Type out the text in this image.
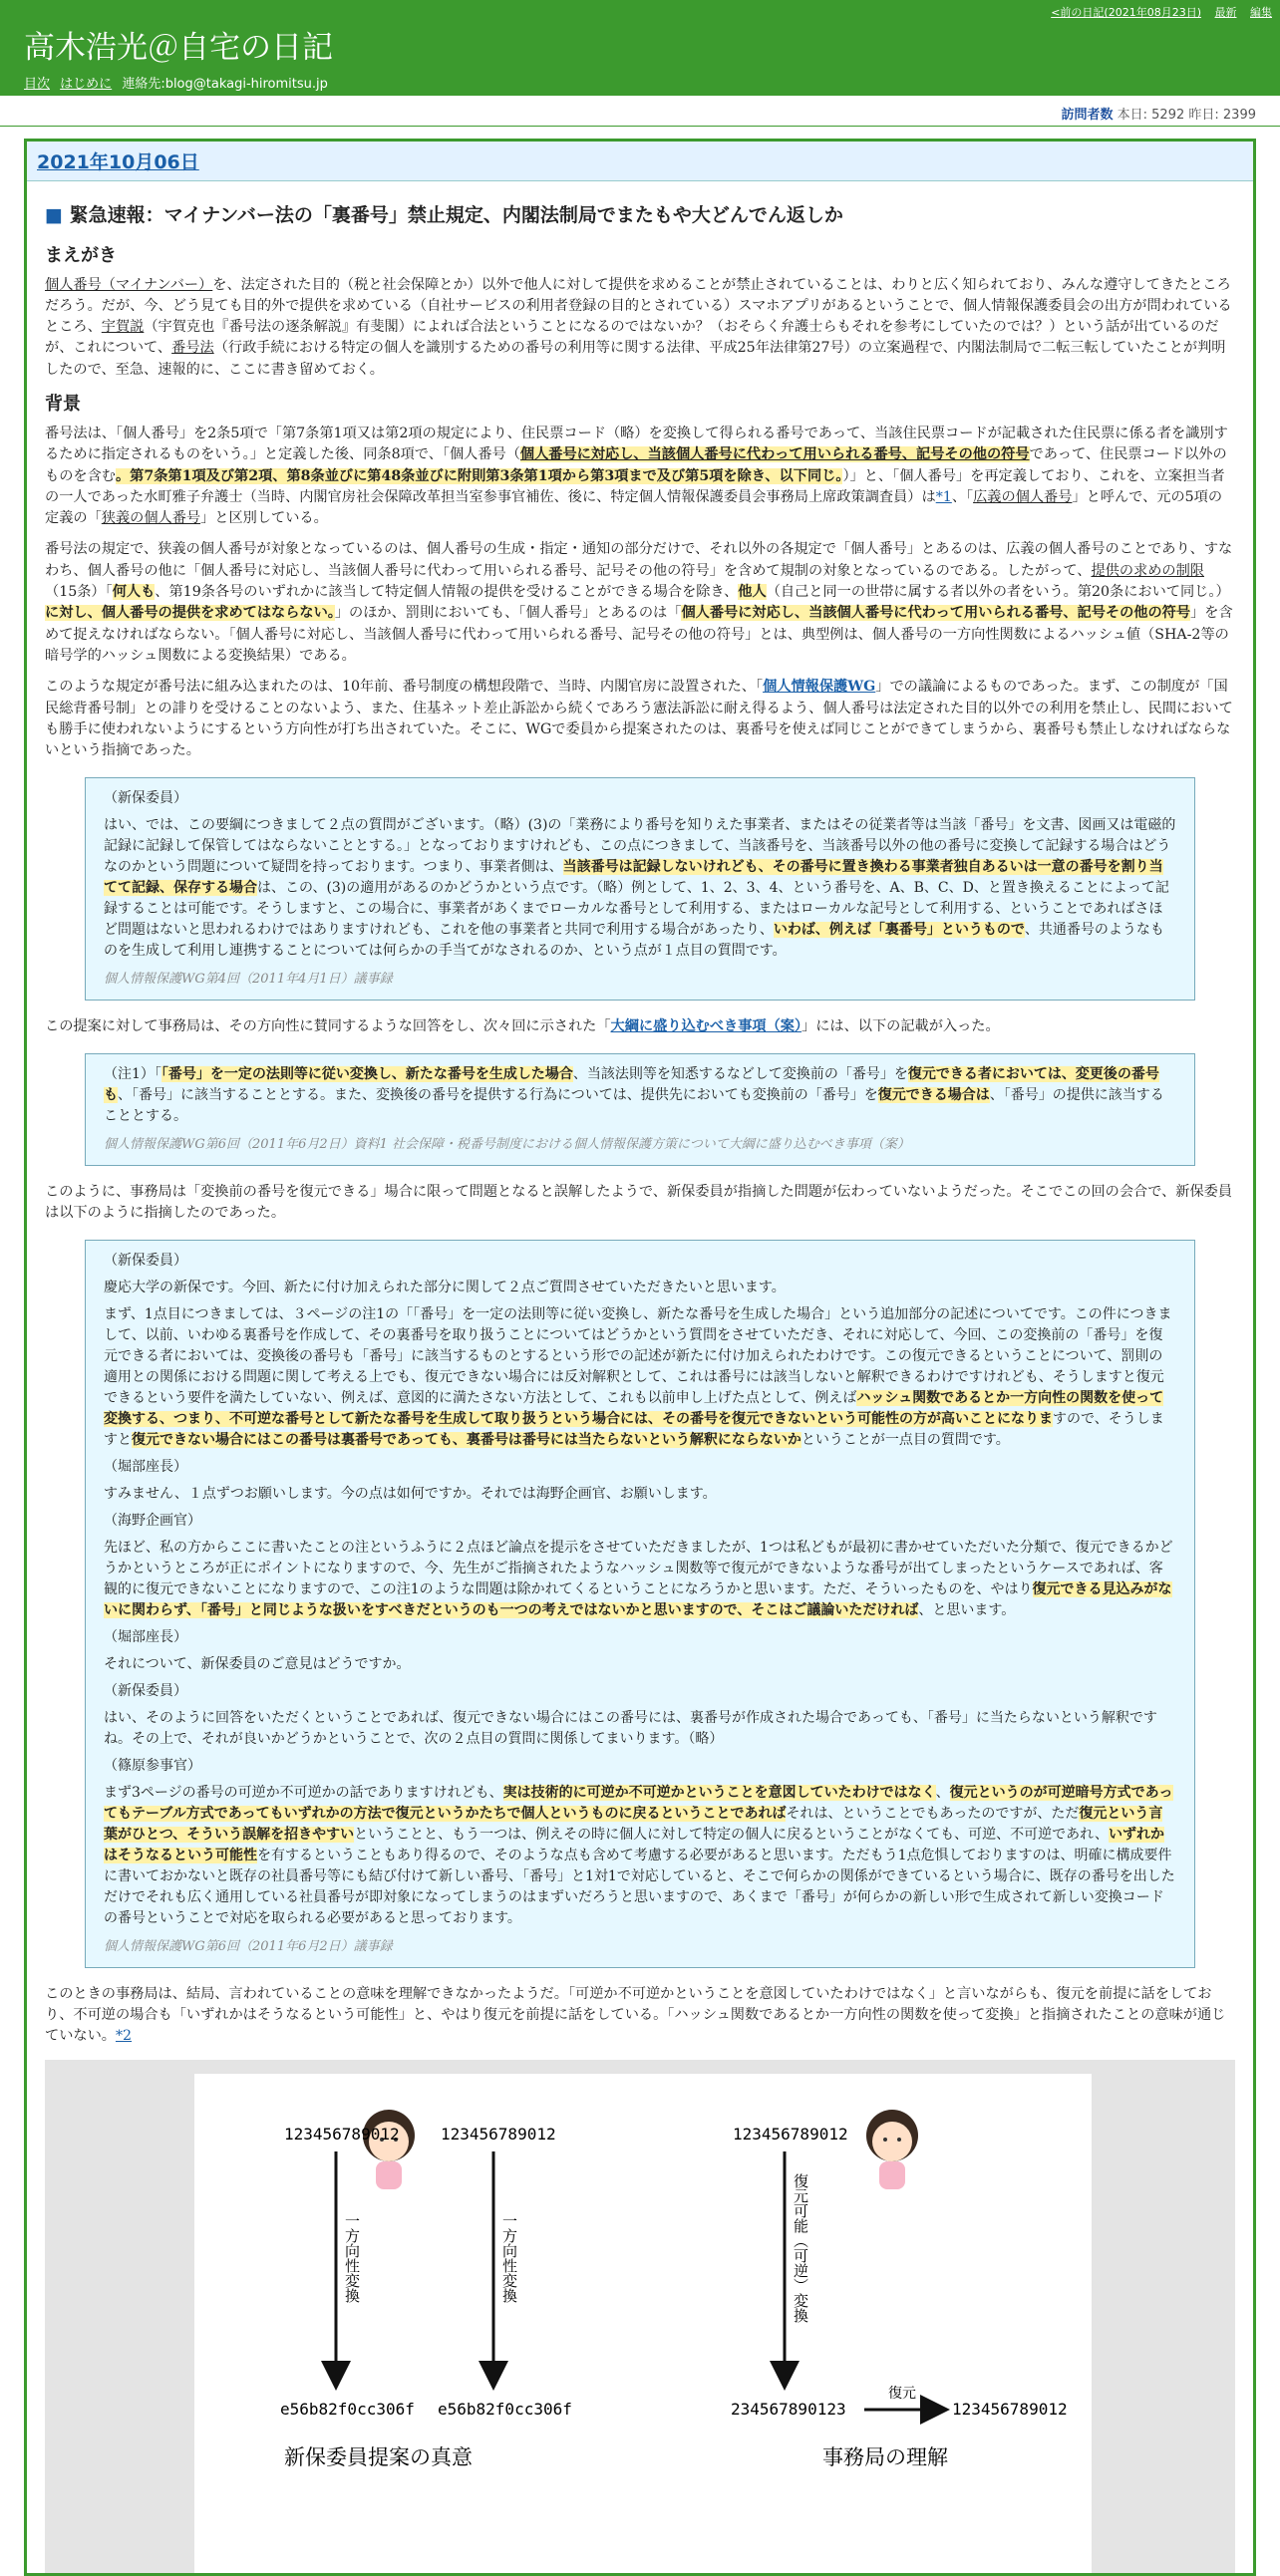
高木浩光＠自宅の日記
目次 はじめに 連絡先:blog@takagi-hiromitsu.jp
<前の日記(2021年08月23日) 最新 編集
訪問者数 本日: 5292 昨日: 2399
2021年10月06日
■ 緊急速報：マイナンバー法の「裏番号」禁止規定、内閣法制局でまたもや大どんでん返しか
まえがき

個人番号（マイナンバー）を、法定された目的（税と社会保障とか）以外で他人に対して提供を求めることが禁止されていることは、わりと広く知られており、みんな遵守してきたところだろう。だが、今、どう見ても目的外で提供を求めている（自社サービスの利用者登録の目的とされている）スマホアプリがあるということで、個人情報保護委員会の出方が問われているところ、宇賀説（宇賀克也『番号法の逐条解説』有斐閣）によれば合法ということになるのではないか？（おそらく弁護士らもそれを参考にしていたのでは？）という話が出ているのだが、これについて、番号法（行政手続における特定の個人を識別するための番号の利用等に関する法律、平成25年法律第27号）の立案過程で、内閣法制局で二転三転していたことが判明したので、至急、速報的に、ここに書き留めておく。

背景

番号法は、「個人番号」を2条5項で「第7条第1項又は第2項の規定により、住民票コード（略）を変換して得られる番号であって、当該住民票コードが記載された住民票に係る者を識別するために指定されるものをいう。」と定義した後、同条8項で、「個人番号（個人番号に対応し、当該個人番号に代わって用いられる番号、記号その他の符号であって、住民票コード以外のものを含む。第7条第1項及び第2項、第8条並びに第48条並びに附則第3条第1項から第3項まで及び第5項を除き、以下同じ。）」と、「個人番号」を再定義しており、これを、立案担当者の一人であった水町雅子弁護士（当時、内閣官房社会保障改革担当室参事官補佐、後に、特定個人情報保護委員会事務局上席政策調査員）は*1、「広義の個人番号」と呼んで、元の5項の定義の「狭義の個人番号」と区別している。

番号法の規定で、狭義の個人番号が対象となっているのは、個人番号の生成・指定・通知の部分だけで、それ以外の各規定で「個人番号」とあるのは、広義の個人番号のことであり、すなわち、個人番号の他に「個人番号に対応し、当該個人番号に代わって用いられる番号、記号その他の符号」を含めて規制の対象となっているのである。したがって、提供の求めの制限（15条）「何人も、第19条各号のいずれかに該当して特定個人情報の提供を受けることができる場合を除き、他人（自己と同一の世帯に属する者以外の者をいう。第20条において同じ。）に対し、個人番号の提供を求めてはならない。」のほか、罰則においても、「個人番号」とあるのは「個人番号に対応し、当該個人番号に代わって用いられる番号、記号その他の符号」を含めて捉えなければならない。「個人番号に対応し、当該個人番号に代わって用いられる番号、記号その他の符号」とは、典型例は、個人番号の一方向性関数によるハッシュ値（SHA-2等の暗号学的ハッシュ関数による変換結果）である。

このような規定が番号法に組み込まれたのは、10年前、番号制度の構想段階で、当時、内閣官房に設置された、「個人情報保護WG」での議論によるものであった。まず、この制度が「国民総背番号制」との誹りを受けることのないよう、また、住基ネット差止訴訟から続くであろう憲法訴訟に耐え得るよう、個人番号は法定された目的以外での利用を禁止し、民間においても勝手に使われないようにするという方向性が打ち出されていた。そこに、WGで委員から提案されたのは、裏番号を使えば同じことができてしまうから、裏番号も禁止しなければならないという指摘であった。

（新保委員）

はい、では、この要綱につきまして２点の質問がございます。（略）(3)の「業務により番号を知りえた事業者、またはその従業者等は当該「番号」を文書、図画又は電磁的記録に記録して保管してはならないこととする。」となっておりますけれども、この点につきまして、当該番号を、当該番号以外の他の番号に変換して記録する場合はどうなのかという問題について疑問を持っております。つまり、事業者側は、当該番号は記録しないけれども、その番号に置き換わる事業者独自あるいは一意の番号を割り当てて記録、保存する場合は、この、(3)の適用があるのかどうかという点です。（略）例として、1、2、3、4、という番号を、A、B、C、D、と置き換えることによって記録することは可能です。そうしますと、この場合に、事業者があくまでローカルな番号として利用する、またはローカルな記号として利用する、ということであればさほど問題はないと思われるわけではありますけれども、これを他の事業者と共同で利用する場合があったり、いわば、例えば「裏番号」というもので、共通番号のようなものを生成して利用し連携することについては何らかの手当てがなされるのか、という点が１点目の質問です。

個人情報保護WG第4回（2011年4月1日）議事録

この提案に対して事務局は、その方向性に賛同するような回答をし、次々回に示された「大綱に盛り込むべき事項（案）」には、以下の記載が入った。

（注1）「「番号」を一定の法則等に従い変換し、新たな番号を生成した場合、当該法則等を知悉するなどして変換前の「番号」を復元できる者においては、変更後の番号も、「番号」に該当することとする。また、変換後の番号を提供する行為については、提供先においても変換前の「番号」を復元できる場合は、「番号」の提供に該当することとする。

個人情報保護WG第6回（2011年6月2日）資料1 社会保障・税番号制度における個人情報保護方策について大綱に盛り込むべき事項（案）

このように、事務局は「変換前の番号を復元できる」場合に限って問題となると誤解したようで、新保委員が指摘した問題が伝わっていないようだった。そこでこの回の会合で、新保委員は以下のように指摘したのであった。

（新保委員）

慶応大学の新保です。今回、新たに付け加えられた部分に関して２点ご質問させていただきたいと思います。

まず、1点目につきましては、３ページの注1の「「番号」を一定の法則等に従い変換し、新たな番号を生成した場合」という追加部分の記述についてです。この件につきまして、以前、いわゆる裏番号を作成して、その裏番号を取り扱うことについてはどうかという質問をさせていただき、それに対応して、今回、この変換前の「番号」を復元できる者においては、変換後の番号も「番号」に該当するものとするという形での記述が新たに付け加えられたわけです。この復元できるということについて、罰則の適用との関係における問題に関して考える上でも、復元できない場合には反対解釈として、これは番号には該当しないと解釈できるわけですけれども、そうしますと復元できるという要件を満たしていない、例えば、意図的に満たさない方法として、これも以前申し上げた点として、例えばハッシュ関数であるとか一方向性の関数を使って変換する、つまり、不可逆な番号として新たな番号を生成して取り扱うという場合には、その番号を復元できないという可能性の方が高いことになりますので、そうしますと復元できない場合にはこの番号は裏番号であっても、裏番号は番号には当たらないという解釈にならないかということが一点目の質問です。

（堀部座長）

すみません、１点ずつお願いします。今の点は如何ですか。それでは海野企画官、お願いします。

（海野企画官）

先ほど、私の方からここに書いたことの注というふうに２点ほど論点を提示をさせていただきましたが、1つは私どもが最初に書かせていただいた分類で、復元できるかどうかというところが正にポイントになりますので、今、先生がご指摘されたようなハッシュ関数等で復元ができないような番号が出てしまったというケースであれば、客観的に復元できないことになりますので、この注1のような問題は除かれてくるということになろうかと思います。ただ、そういったものを、やはり復元できる見込みがないに関わらず、「番号」と同じような扱いをすべきだというのも一つの考えではないかと思いますので、そこはご議論いただければ、と思います。

（堀部座長）

それについて、新保委員のご意見はどうですか。

（新保委員）

はい、そのように回答をいただくということであれば、復元できない場合にはこの番号には、裏番号が作成された場合であっても、「番号」に当たらないという解釈ですね。その上で、それが良いかどうかということで、次の２点目の質問に関係してまいります。（略）

（篠原参事官）

まず3ページの番号の可逆か不可逆かの話でありますけれども、実は技術的に可逆か不可逆かということを意図していたわけではなく、復元というのが可逆暗号方式であってもテーブル方式であってもいずれかの方法で復元というかたちで個人というものに戻るということであればそれは、ということでもあったのですが、ただ復元という言葉がひとつ、そういう誤解を招きやすいということと、もう一つは、例えその時に個人に対して特定の個人に戻るということがなくても、可逆、不可逆であれ、いずれかはそうなるという可能性を有するということもあり得るので、そのような点も含めて考慮する必要があると思います。ただもう1点危惧しておりますのは、明確に構成要件に書いておかないと既存の社員番号等にも結び付けて新しい番号、「番号」と1対1で対応していると、そこで何らかの関係ができているという場合に、既存の番号を出しただけでそれも広く通用している社員番号が即対象になってしまうのはまずいだろうと思いますので、あくまで「番号」が何らかの新しい形で生成されて新しい変換コードの番号ということで対応を取られる必要があると思っております。

個人情報保護WG第6回（2011年6月2日）議事録

このときの事務局は、結局、言われていることの意味を理解できなかったようだ。「可逆か不可逆かということを意図していたわけではなく」と言いながらも、復元を前提に話をしており、不可逆の場合も「いずれかはそうなるという可能性」と、やはり復元を前提に話をしている。「ハッシュ関数であるとか一方向性の関数を使って変換」と指摘されたことの意味が通じていない。*2

123456789012	123456789012	123456789012
一方向性変換	一方向性変換	復元可能（可逆）変換
e56b82f0cc306f e56b82f0cc306f	234567890123
復元
123456789012
新保委員提案の真意	事務局の理解
